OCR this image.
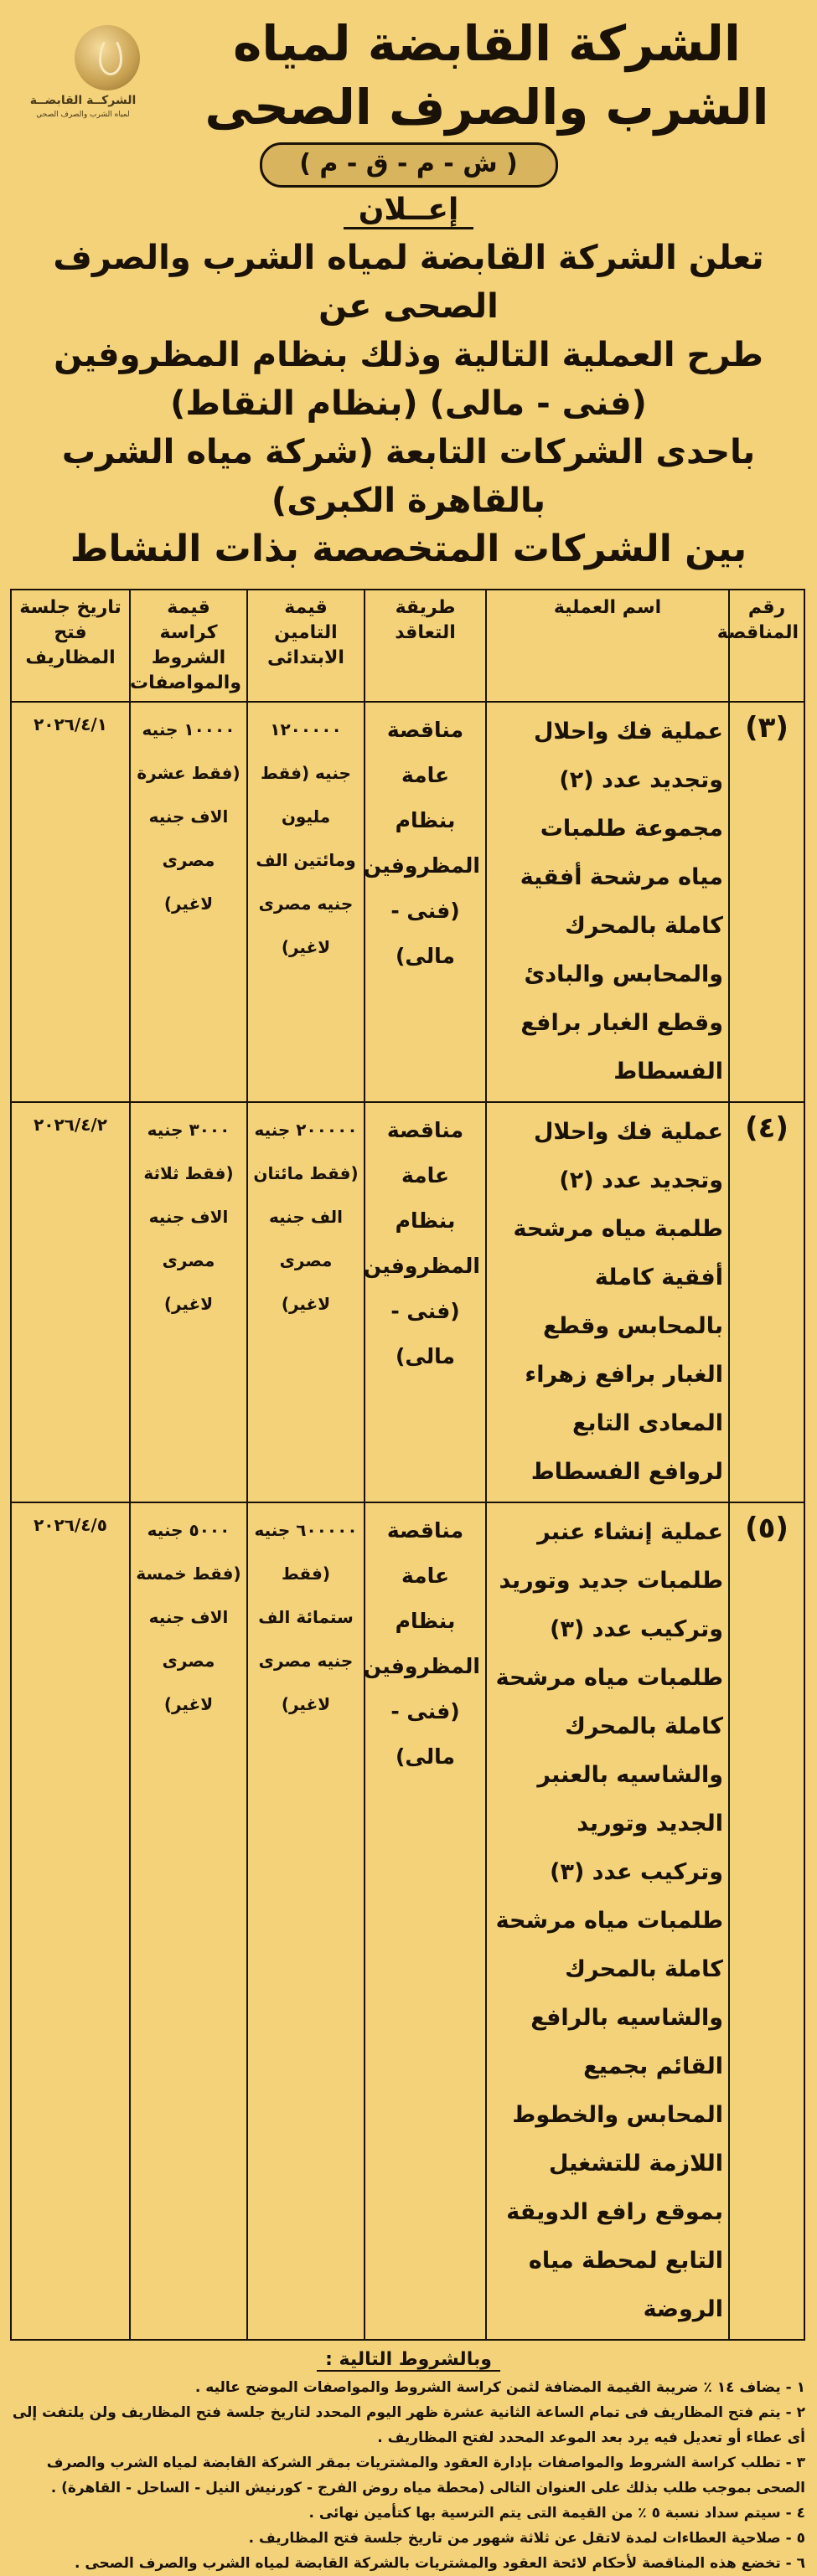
الشركة القابضة لمياه الشرب والصرف الصحى
الشركــة القابضــة
لمياه الشرب والصرف الصحي
( ش - م - ق - م )
إعــلان
تعلن الشركة القابضة لمياه الشرب والصرف الصحى عن
طرح العملية التالية وذلك بنظام المظروفين (فنى - مالى) (بنظام النقاط)
باحدى الشركات التابعة (شركة مياه الشرب بالقاهرة الكبرى)
بين الشركات المتخصصة بذات النشاط
رقم المناقصة	اسم العملية	طريقة التعاقد	قيمة التامين الابتدائى	قيمة كراسة الشروط والمواصفات	تاريخ جلسة فتح المظاريف
(٣)	عملية فك واحلال وتجديد عدد (٢) مجموعة طلمبات مياه مرشحة أفقية كاملة بالمحرك والمحابس والبادئ وقطع الغبار برافع الفسطاط	مناقصة عامة بنظام المظروفين (فنى - مالى)	١٢٠٠٠٠٠ جنيه (فقط مليون ومائتين الف جنيه مصرى لاغير)	١٠٠٠٠ جنيه (فقط عشرة الاف جنيه مصرى لاغير)	٢٠٢٦/٤/١
(٤)	عملية فك واحلال وتجديد عدد (٢) طلمبة مياه مرشحة أفقية كاملة بالمحابس وقطع الغبار برافع زهراء المعادى التابع لروافع الفسطاط	مناقصة عامة بنظام المظروفين (فنى - مالى)	٢٠٠٠٠٠ جنيه (فقط مائتان الف جنيه مصرى لاغير)	٣٠٠٠ جنيه (فقط ثلاثة الاف جنيه مصرى لاغير)	٢٠٢٦/٤/٢
(٥)	عملية إنشاء عنبر طلمبات جديد وتوريد وتركيب عدد (٣) طلمبات مياه مرشحة كاملة بالمحرك والشاسيه بالعنبر الجديد وتوريد وتركيب عدد (٣) طلمبات مياه مرشحة كاملة بالمحرك والشاسيه بالرافع القائم بجميع المحابس والخطوط اللازمة للتشغيل بموقع رافع الدويقة التابع لمحطة مياه الروضة	مناقصة عامة بنظام المظروفين (فنى - مالى)	٦٠٠٠٠٠ جنيه (فقط ستمائة الف جنيه مصرى لاغير)	٥٠٠٠ جنيه (فقط خمسة الاف جنيه مصرى لاغير)	٢٠٢٦/٤/٥
وبالشروط التالية :
١ - يضاف ١٤ ٪ ضريبة القيمة المضافة لثمن كراسة الشروط والمواصفات الموضح عاليه .
٢ - يتم فتح المظاريف فى تمام الساعة الثانية عشرة ظهر اليوم المحدد لتاريخ جلسة فتح المظاريف ولن يلتفت إلى أى عطاء أو تعديل فيه يرد بعد الموعد المحدد لفتح المظاريف .
٣ - تطلب كراسة الشروط والمواصفات بإدارة العقود والمشتريات بمقر الشركة القابضة لمياه الشرب والصرف الصحى بموجب طلب بذلك على العنوان التالى (محطة مياه روض الفرج - كورنيش النيل - الساحل - القاهرة) .
٤ - سيتم سداد نسبة ٥ ٪ من القيمة التى يتم الترسية بها كتأمين نهائى .
٥ - صلاحية العطاءات لمدة لاتقل عن ثلاثة شهور من تاريخ جلسة فتح المظاريف .
٦ - تخضع هذه المناقصة لأحكام لائحة العقود والمشتريات بالشركة القابضة لمياه الشرب والصرف الصحى .
